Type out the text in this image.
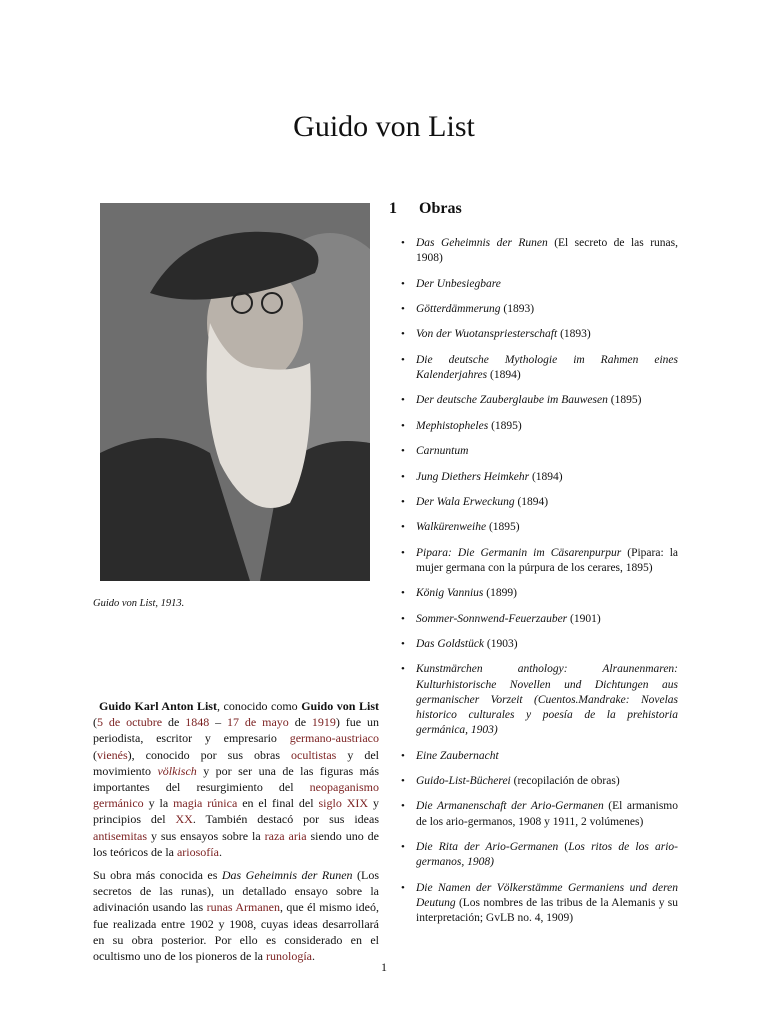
Guido von List
Guido von List, 1913.

Guido Karl Anton List, conocido como Guido von List (5 de octubre de 1848 – 17 de mayo de 1919) fue un periodista, escritor y empresario germano-austriaco (vienés), conocido por sus obras ocultistas y del movimiento völkisch y por ser una de las figuras más importantes del resurgimiento del neopaganismo germánico y la magia rúnica en el final del siglo XIX y principios del XX. También destacó por sus ideas antisemitas y sus ensayos sobre la raza aria siendo uno de los teóricos de la ariosofía.

Su obra más conocida es Das Geheimnis der Runen (Los secretos de las runas), un detallado ensayo sobre la adivinación usando las runas Armanen, que él mismo ideó, fue realizada entre 1902 y 1908, cuyas ideas desarrollará en su obra posterior. Por ello es considerado en el ocultismo uno de los pioneros de la runología.

1 Obras
• Das Geheimnis der Runen (El secreto de las runas, 1908)
• Der Unbesiegbare
• Götterdämmerung (1893)
• Von der Wuotanspriesterschaft (1893)
• Die deutsche Mythologie im Rahmen eines Kalenderjahres (1894)
• Der deutsche Zauberglaube im Bauwesen (1895)
• Mephistopheles (1895)
• Carnuntum
• Jung Diethers Heimkehr (1894)
• Der Wala Erweckung (1894)
• Walkürenweihe (1895)
• Pipara: Die Germanin im Cäsarenpurpur (Pipara: la mujer germana con la púrpura de los cerares, 1895)
• König Vannius (1899)
• Sommer-Sonnwend-Feuerzauber (1901)
• Das Goldstück (1903)
• Kunstmärchen anthology: Alraunenmaren: Kulturhistorische Novellen und Dichtungen aus germanischer Vorzeit (Cuentos.Mandrake: Novelas historico culturales y poesía de la prehistoria germánica, 1903)
• Eine Zaubernacht
• Guido-List-Bücherei (recopilación de obras)
• Die Armanenschaft der Ario-Germanen (El armanismo de los ario-germanos, 1908 y 1911, 2 volúmenes)
• Die Rita der Ario-Germanen (Los ritos de los ario-germanos, 1908)
• Die Namen der Völkerstämme Germaniens und deren Deutung (Los nombres de las tribus de la Alemanis y su interpretación; GvLB no. 4, 1909)
1
